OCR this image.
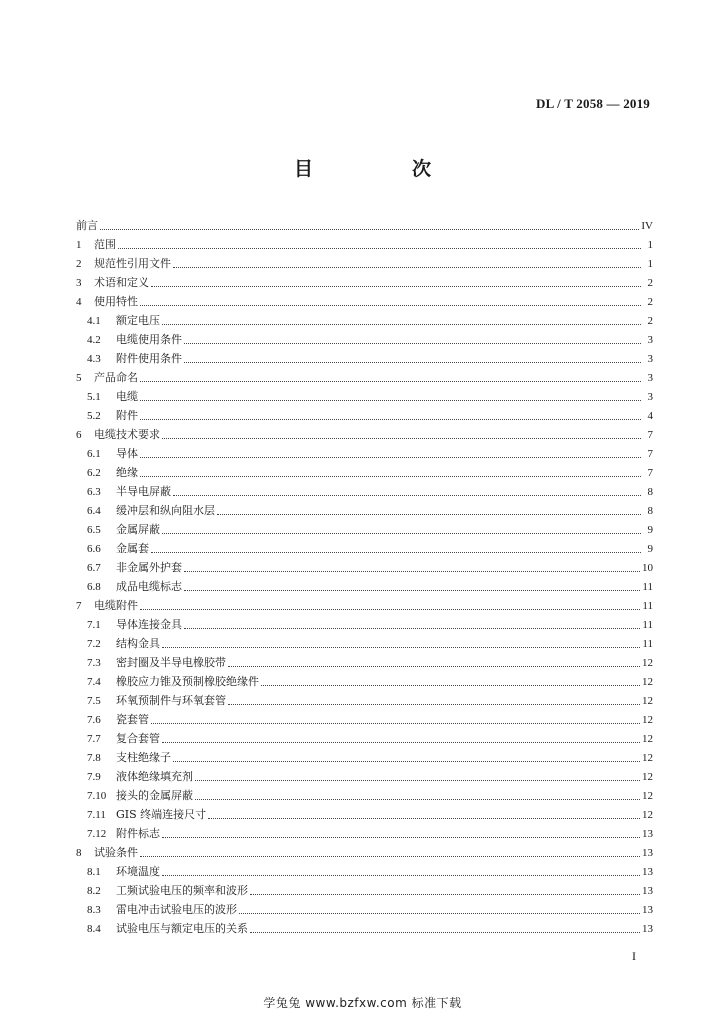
DL / T 2058 — 2019
目　次
前言	IV
1	范围	1
2	规范性引用文件	1
3	术语和定义	2
4	使用特性	2
4.1	额定电压	2
4.2	电缆使用条件	3
4.3	附件使用条件	3
5	产品命名	3
5.1	电缆	3
5.2	附件	4
6	电缆技术要求	7
6.1	导体	7
6.2	绝缘	7
6.3	半导电屏蔽	8
6.4	缓冲层和纵向阻水层	8
6.5	金属屏蔽	9
6.6	金属套	9
6.7	非金属外护套	10
6.8	成品电缆标志	11
7	电缆附件	11
7.1	导体连接金具	11
7.2	结构金具	11
7.3	密封圈及半导电橡胶带	12
7.4	橡胶应力锥及预制橡胶绝缘件	12
7.5	环氧预制件与环氧套管	12
7.6	瓷套管	12
7.7	复合套管	12
7.8	支柱绝缘子	12
7.9	液体绝缘填充剂	12
7.10 接头的金属屏蔽	12
7.11 GIS 终端连接尺寸	12
7.12 附件标志	13
8	试验条件	13
8.1	环境温度	13
8.2	工频试验电压的频率和波形	13
8.3	雷电冲击试验电压的波形	13
8.4	试验电压与额定电压的关系	13
I
学兔兔 www.bzfxw.com 标准下载
